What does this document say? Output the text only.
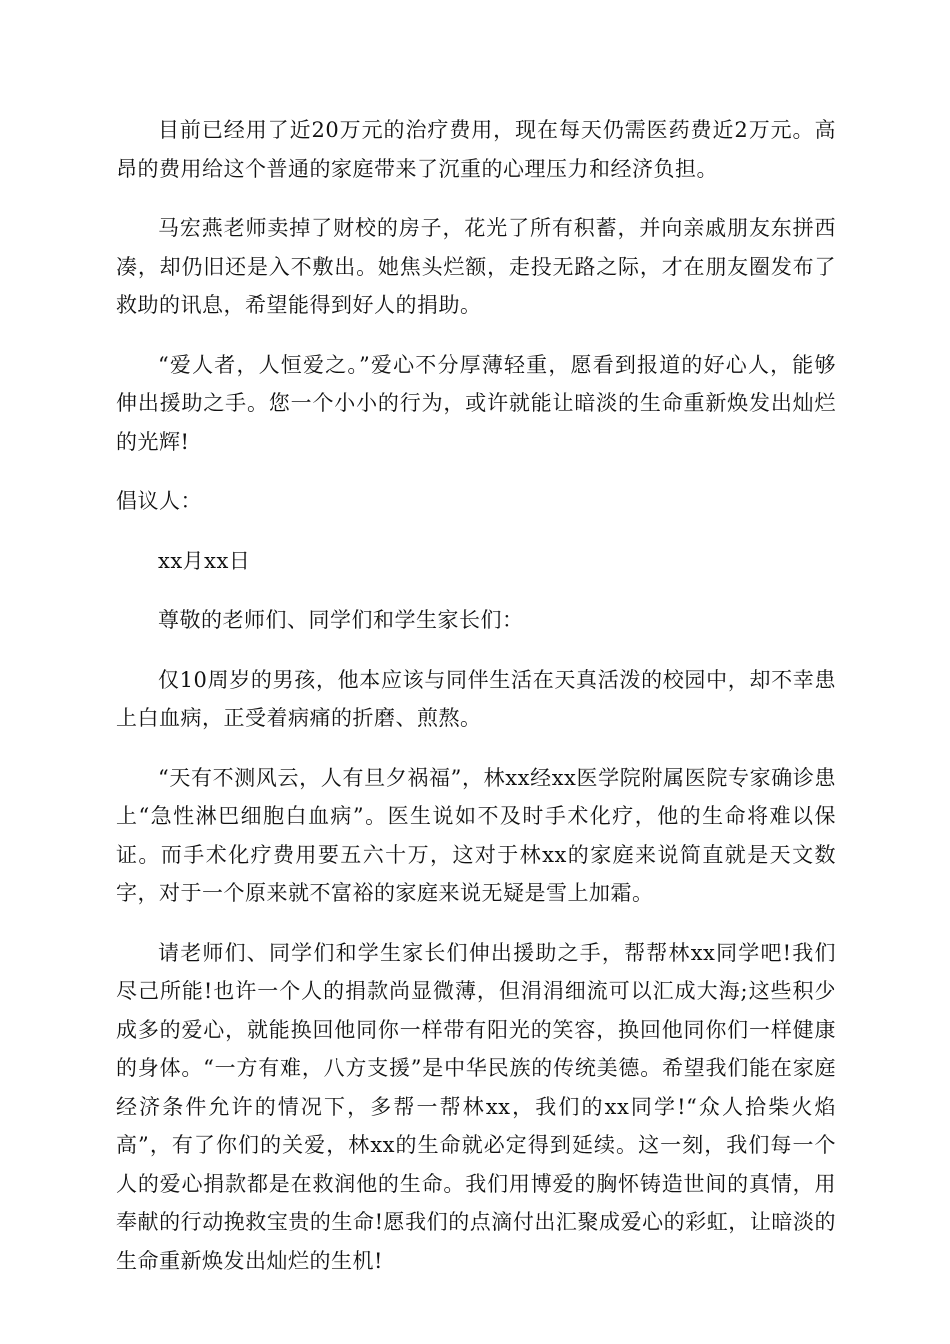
目前已经用了近20万元的治疗费用，现在每天仍需医药费近2万元。高昂的费用给这个普通的家庭带来了沉重的心理压力和经济负担。

马宏燕老师卖掉了财校的房子，花光了所有积蓄，并向亲戚朋友东拼西凑，却仍旧还是入不敷出。她焦头烂额，走投无路之际，才在朋友圈发布了救助的讯息，希望能得到好人的捐助。

“爱人者，人恒爱之。”爱心不分厚薄轻重，愿看到报道的好心人，能够伸出援助之手。您一个小小的行为，或许就能让暗淡的生命重新焕发出灿烂的光辉!

倡议人：

xx月xx日

尊敬的老师们、同学们和学生家长们：

仅10周岁的男孩，他本应该与同伴生活在天真活泼的校园中，却不幸患上白血病，正受着病痛的折磨、煎熬。

“天有不测风云，人有旦夕祸福”，林xx经xx医学院附属医院专家确诊患上“急性淋巴细胞白血病”。医生说如不及时手术化疗，他的生命将难以保证。而手术化疗费用要五六十万，这对于林xx的家庭来说简直就是天文数字，对于一个原来就不富裕的家庭来说无疑是雪上加霜。

请老师们、同学们和学生家长们伸出援助之手，帮帮林xx同学吧!我们尽己所能!也许一个人的捐款尚显微薄，但涓涓细流可以汇成大海;这些积少成多的爱心，就能换回他同你一样带有阳光的笑容，换回他同你们一样健康的身体。“一方有难，八方支援”是中华民族的传统美德。希望我们能在家庭经济条件允许的情况下，多帮一帮林xx，我们的xx同学!“众人拾柴火焰高”，有了你们的关爱，林xx的生命就必定得到延续。这一刻，我们每一个人的爱心捐款都是在救润他的生命。我们用博爱的胸怀铸造世间的真情，用奉献的行动挽救宝贵的生命!愿我们的点滴付出汇聚成爱心的彩虹，让暗淡的生命重新焕发出灿烂的生机!
